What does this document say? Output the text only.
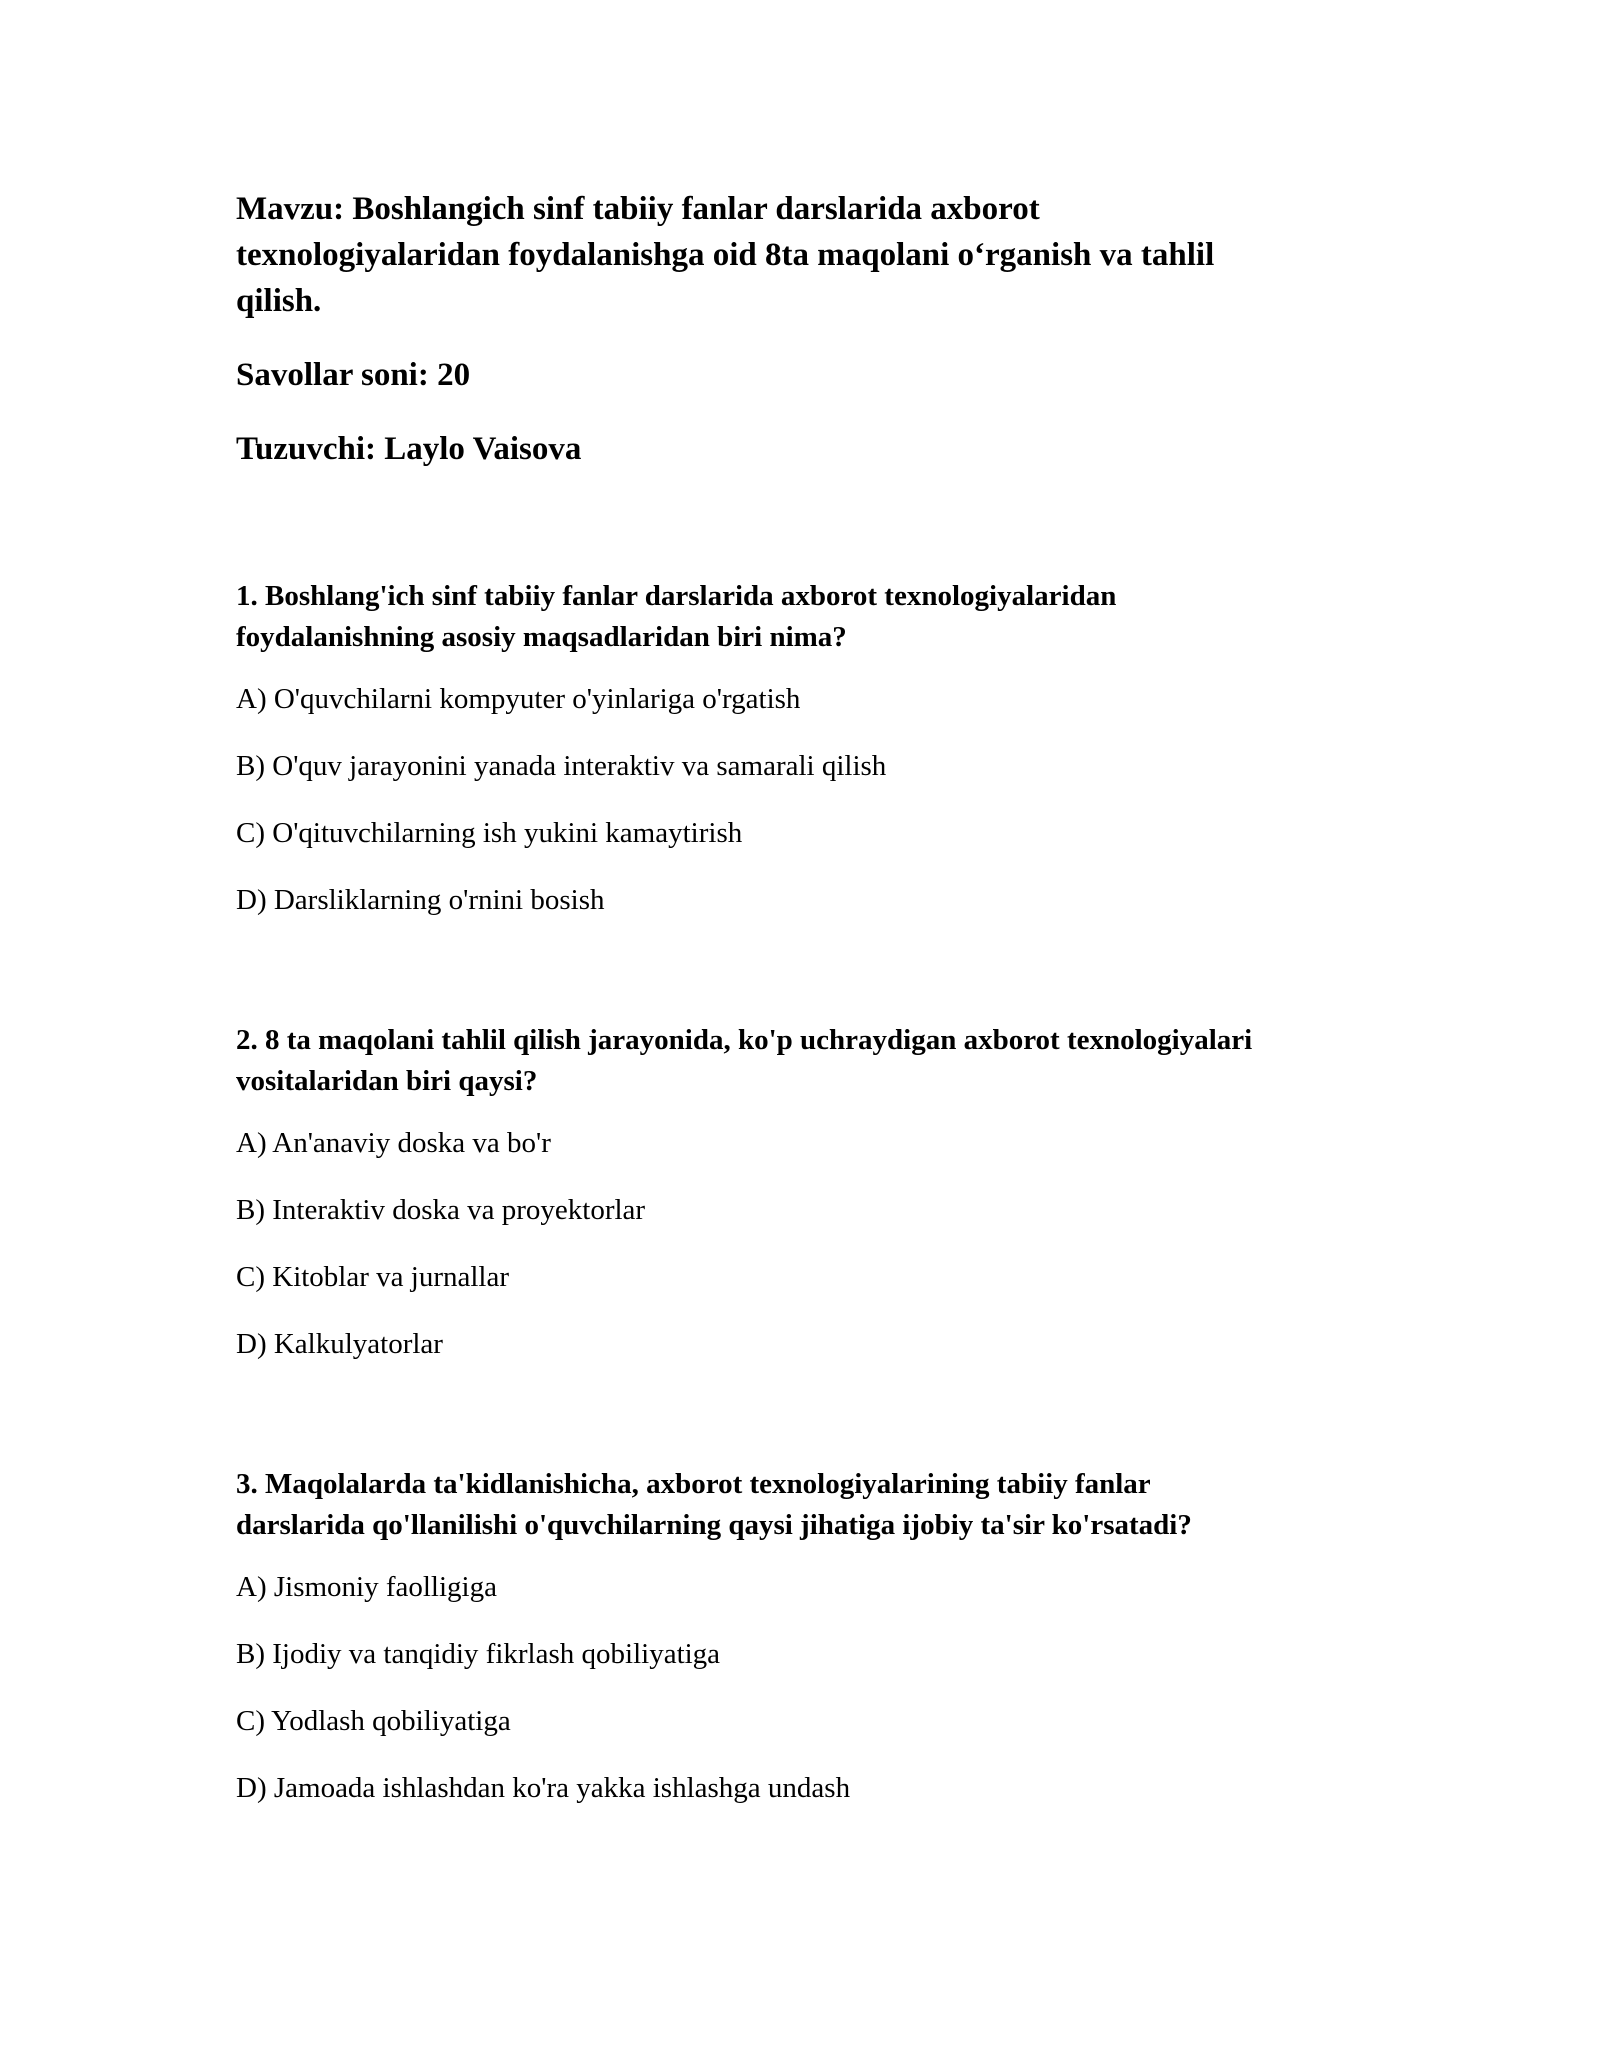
Mavzu: Boshlangich sinf tabiiy fanlar darslarida axborot
texnologiyalaridan foydalanishga oid 8ta maqolani oʻrganish va tahlil
qilish.
Savollar soni: 20
Tuzuvchi: Laylo Vaisova
1. Boshlang'ich sinf tabiiy fanlar darslarida axborot texnologiyalaridan
foydalanishning asosiy maqsadlaridan biri nima?
A) O'quvchilarni kompyuter o'yinlariga o'rgatish
B) O'quv jarayonini yanada interaktiv va samarali qilish
C) O'qituvchilarning ish yukini kamaytirish
D) Darsliklarning o'rnini bosish
2. 8 ta maqolani tahlil qilish jarayonida, ko'p uchraydigan axborot texnologiyalari
vositalaridan biri qaysi?
A) An'anaviy doska va bo'r
B) Interaktiv doska va proyektorlar
C) Kitoblar va jurnallar
D) Kalkulyatorlar
3. Maqolalarda ta'kidlanishicha, axborot texnologiyalarining tabiiy fanlar
darslarida qo'llanilishi o'quvchilarning qaysi jihatiga ijobiy ta'sir ko'rsatadi?
A) Jismoniy faolligiga
B) Ijodiy va tanqidiy fikrlash qobiliyatiga
C) Yodlash qobiliyatiga
D) Jamoada ishlashdan ko'ra yakka ishlashga undash
